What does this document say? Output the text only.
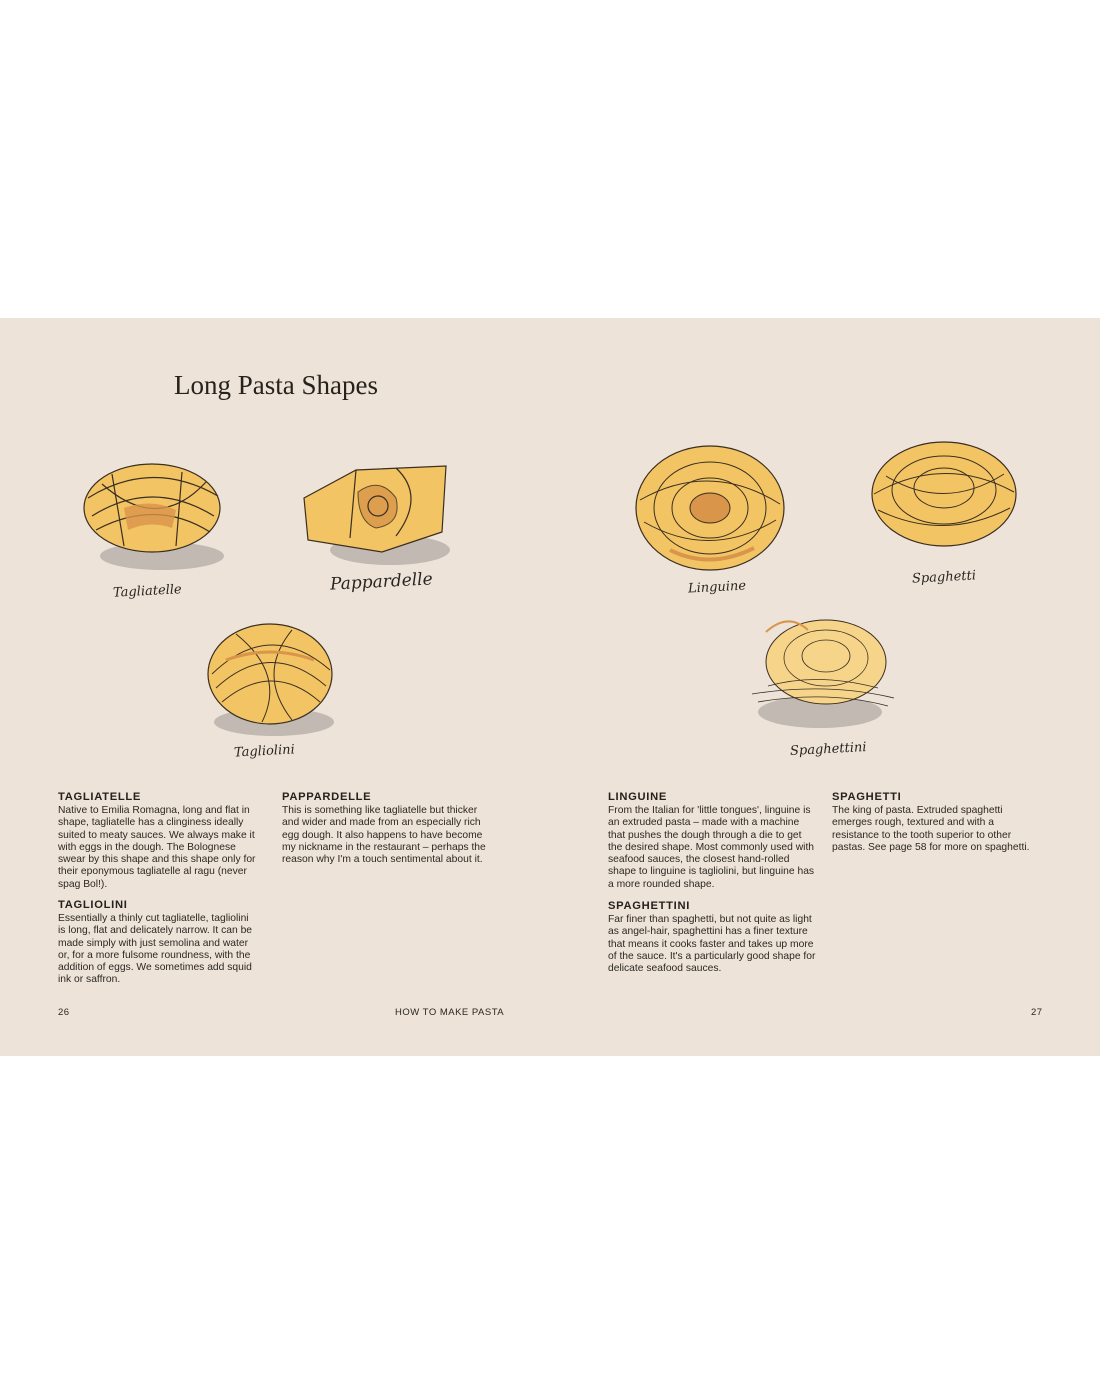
Long Pasta Shapes
Tagliatelle	Pappardelle
Tagliolini
Linguine
Spaghetti
Spaghettini
TAGLIATELLE

Native to Emilia Romagna, long and flat in shape, tagliatelle has a clinginess ideally suited to meaty sauces. We always make it with eggs in the dough. The Bolognese swear by this shape and this shape only for their eponymous tagliatelle al ragu (never spag Bol!).

PAPPARDELLE

This is something like tagliatelle but thicker and wider and made from an especially rich egg dough. It also happens to have become my nickname in the restaurant – perhaps the reason why I'm a touch sentimental about it.

TAGLIOLINI

Essentially a thinly cut tagliatelle, tagliolini is long, flat and delicately narrow. It can be made simply with just semolina and water or, for a more fulsome roundness, with the addition of eggs. We sometimes add squid ink or saffron.

LINGUINE

From the Italian for 'little tongues', linguine is an extruded pasta – made with a machine that pushes the dough through a die to get the desired shape. Most commonly used with seafood sauces, the closest hand-rolled shape to linguine is tagliolini, but linguine has a more rounded shape.

SPAGHETTI

The king of pasta. Extruded spaghetti emerges rough, textured and with a resistance to the tooth superior to other pastas. See page 58 for more on spaghetti.

SPAGHETTINI

Far finer than spaghetti, but not quite as light as angel-hair, spaghettini has a finer texture that means it cooks faster and takes up more of the sauce. It's a particularly good shape for delicate seafood sauces.

26	HOW TO MAKE PASTA	27
